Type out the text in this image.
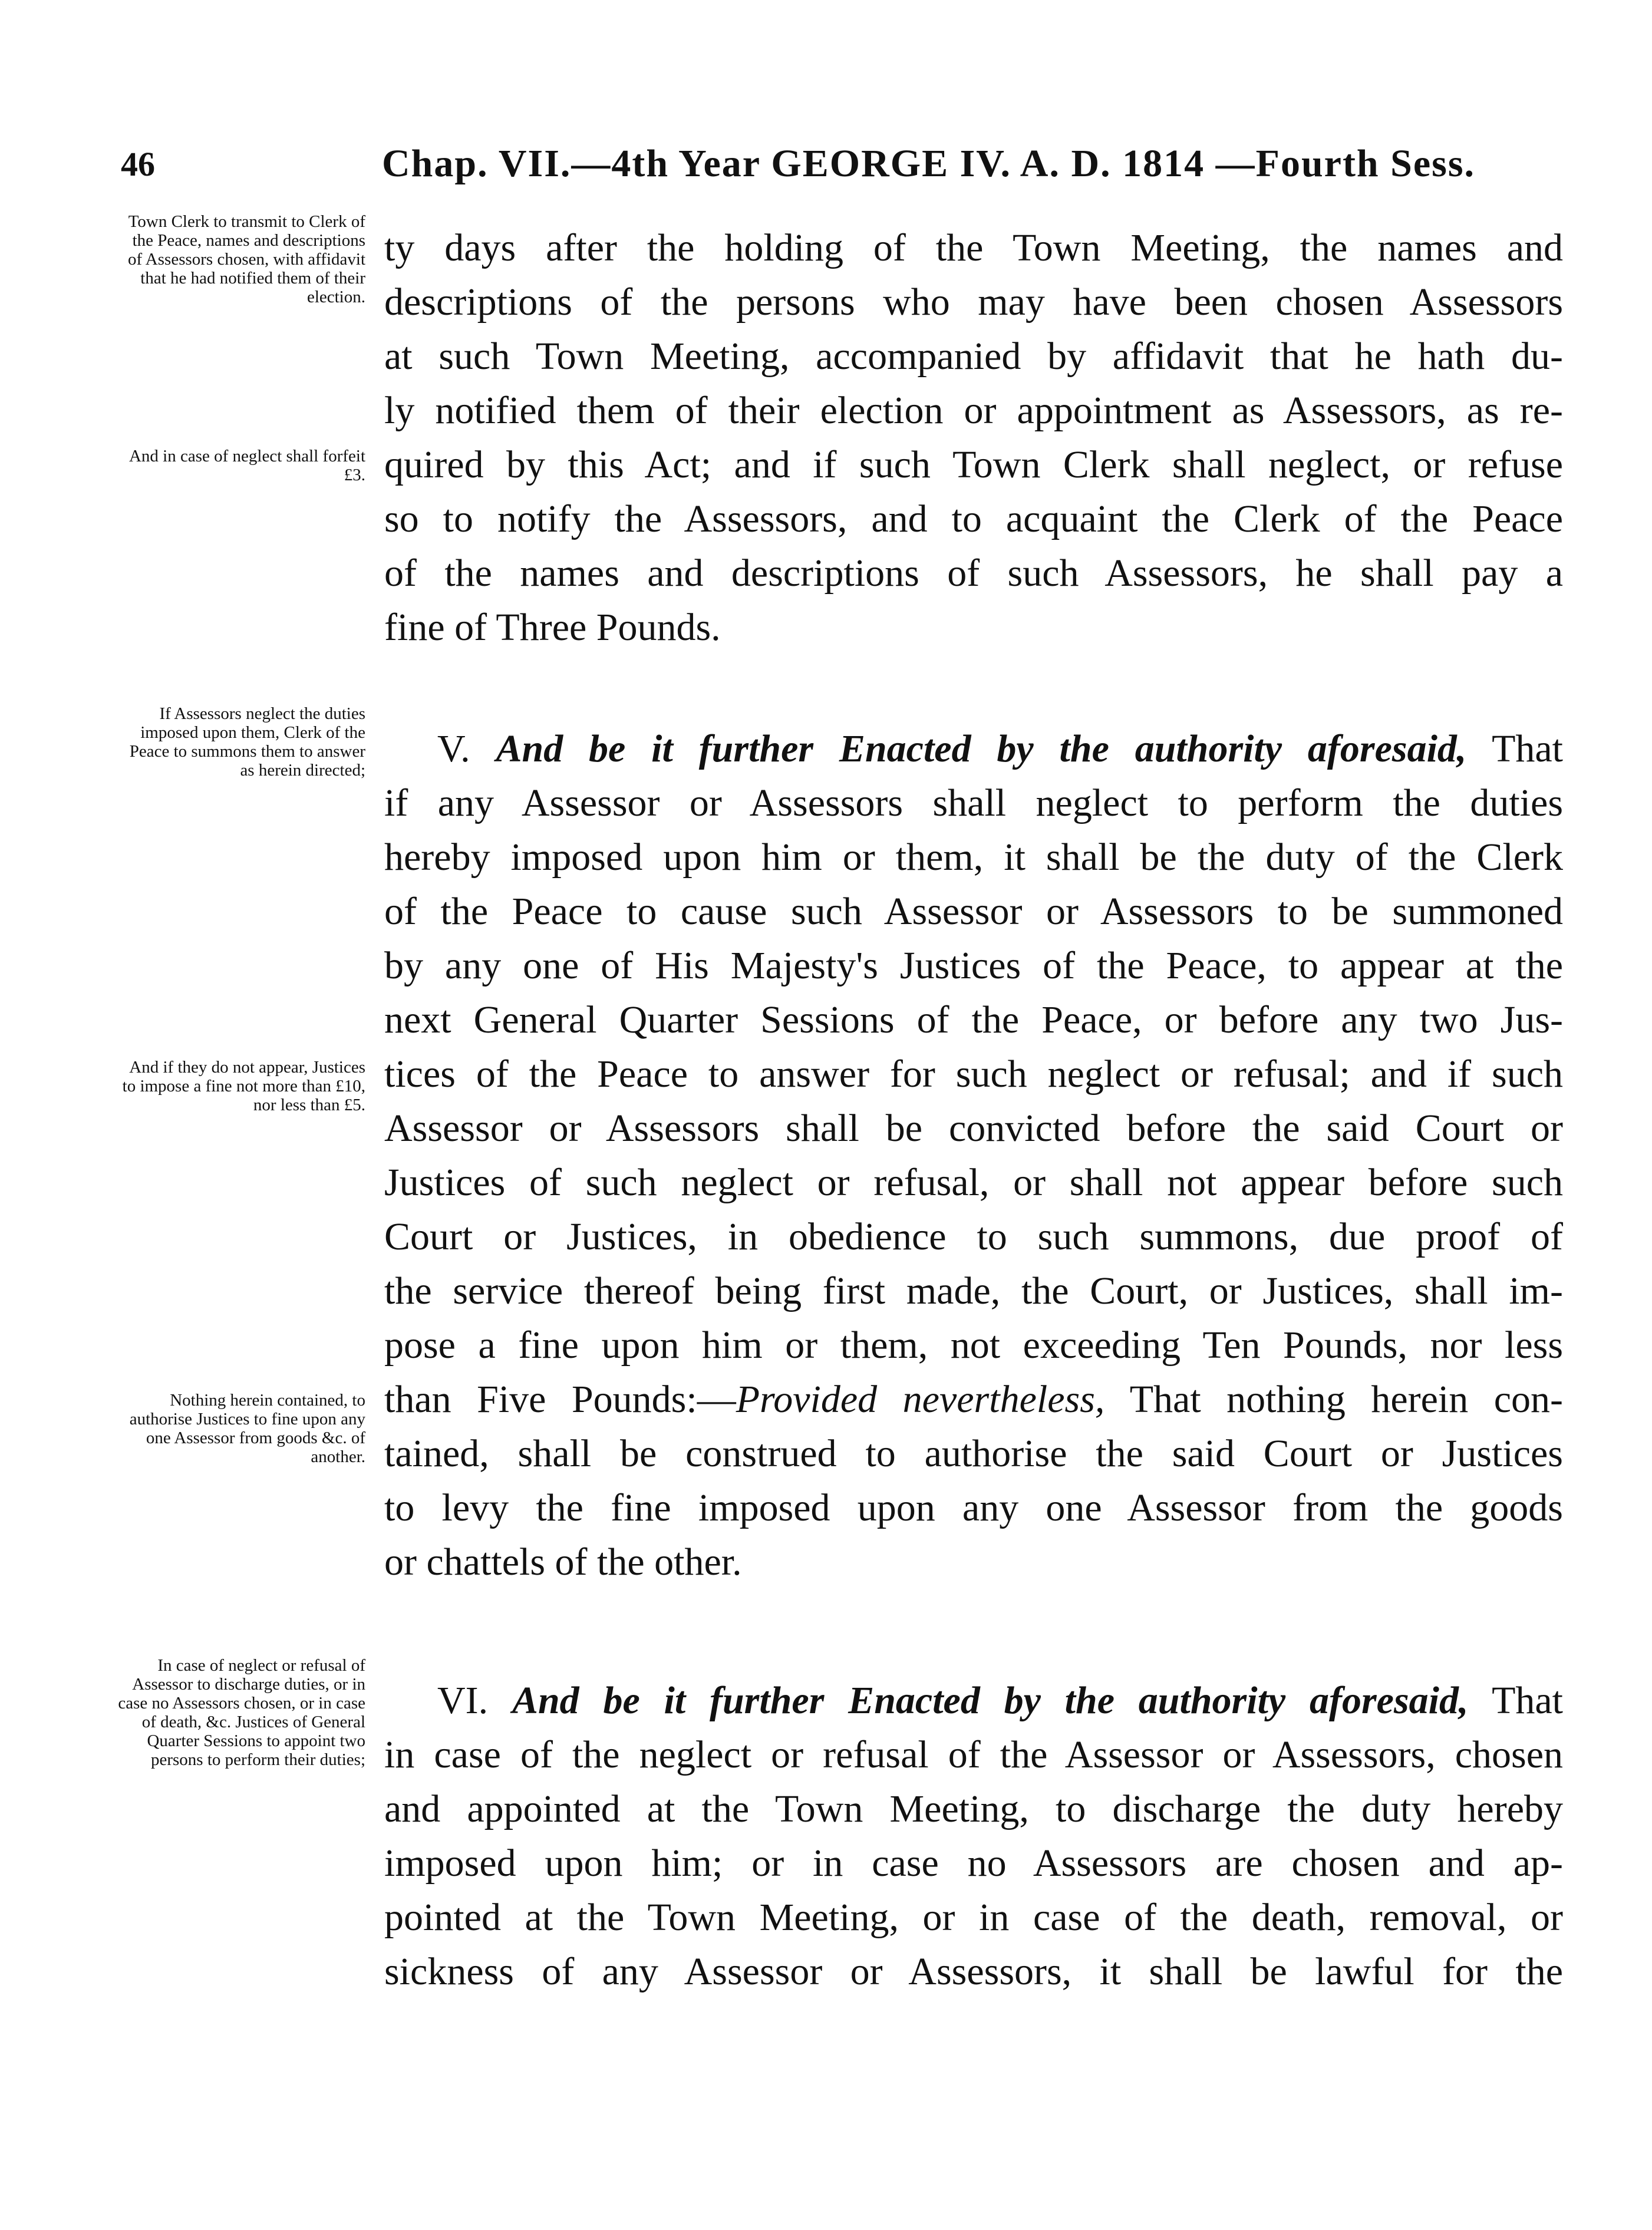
46	Chap. VII.—4th Year GEORGE IV. A. D. 1814 —Fourth Sess.
Town Clerk to transmit to Clerk of the Peace, names and descriptions of Assessors chosen, with affidavit that he had notified them of their election.
And in case of neglect shall forfeit £3.
If Assessors neglect the duties imposed upon them, Clerk of the Peace to summons them to answer as herein directed;
And if they do not appear, Justices to impose a fine not more than £10, nor less than £5.
Nothing herein contained, to authorise Justices to fine upon any one Assessor from goods &c. of another.
In case of neglect or refusal of Assessor to discharge duties, or in case no Assessors chosen, or in case of death, &c. Justices of General Quarter Sessions to appoint two persons to perform their duties;
ty days after the holding of the Town Meeting, the names and
descriptions of the persons who may have been chosen Assessors
at such Town Meeting, accompanied by affidavit that he hath du-
ly notified them of their election or appointment as Assessors, as re-
quired by this Act; and if such Town Clerk shall neglect, or refuse
so to notify the Assessors, and to acquaint the Clerk of the Peace
of the names and descriptions of such Assessors, he shall pay a
fine of Three Pounds.
V. And be it further Enacted by the authority aforesaid, That
if any Assessor or Assessors shall neglect to perform the duties
hereby imposed upon him or them, it shall be the duty of the Clerk
of the Peace to cause such Assessor or Assessors to be summoned
by any one of His Majesty's Justices of the Peace, to appear at the
next General Quarter Sessions of the Peace, or before any two Jus-
tices of the Peace to answer for such neglect or refusal; and if such
Assessor or Assessors shall be convicted before the said Court or
Justices of such neglect or refusal, or shall not appear before such
Court or Justices, in obedience to such summons, due proof of
the service thereof being first made, the Court, or Justices, shall im-
pose a fine upon him or them, not exceeding Ten Pounds, nor less
than Five Pounds:—Provided nevertheless, That nothing herein con-
tained, shall be construed to authorise the said Court or Justices
to levy the fine imposed upon any one Assessor from the goods
or chattels of the other.
VI. And be it further Enacted by the authority aforesaid, That
in case of the neglect or refusal of the Assessor or Assessors, chosen
and appointed at the Town Meeting, to discharge the duty hereby
imposed upon him; or in case no Assessors are chosen and ap-
pointed at the Town Meeting, or in case of the death, removal, or
sickness of any Assessor or Assessors, it shall be lawful for the
